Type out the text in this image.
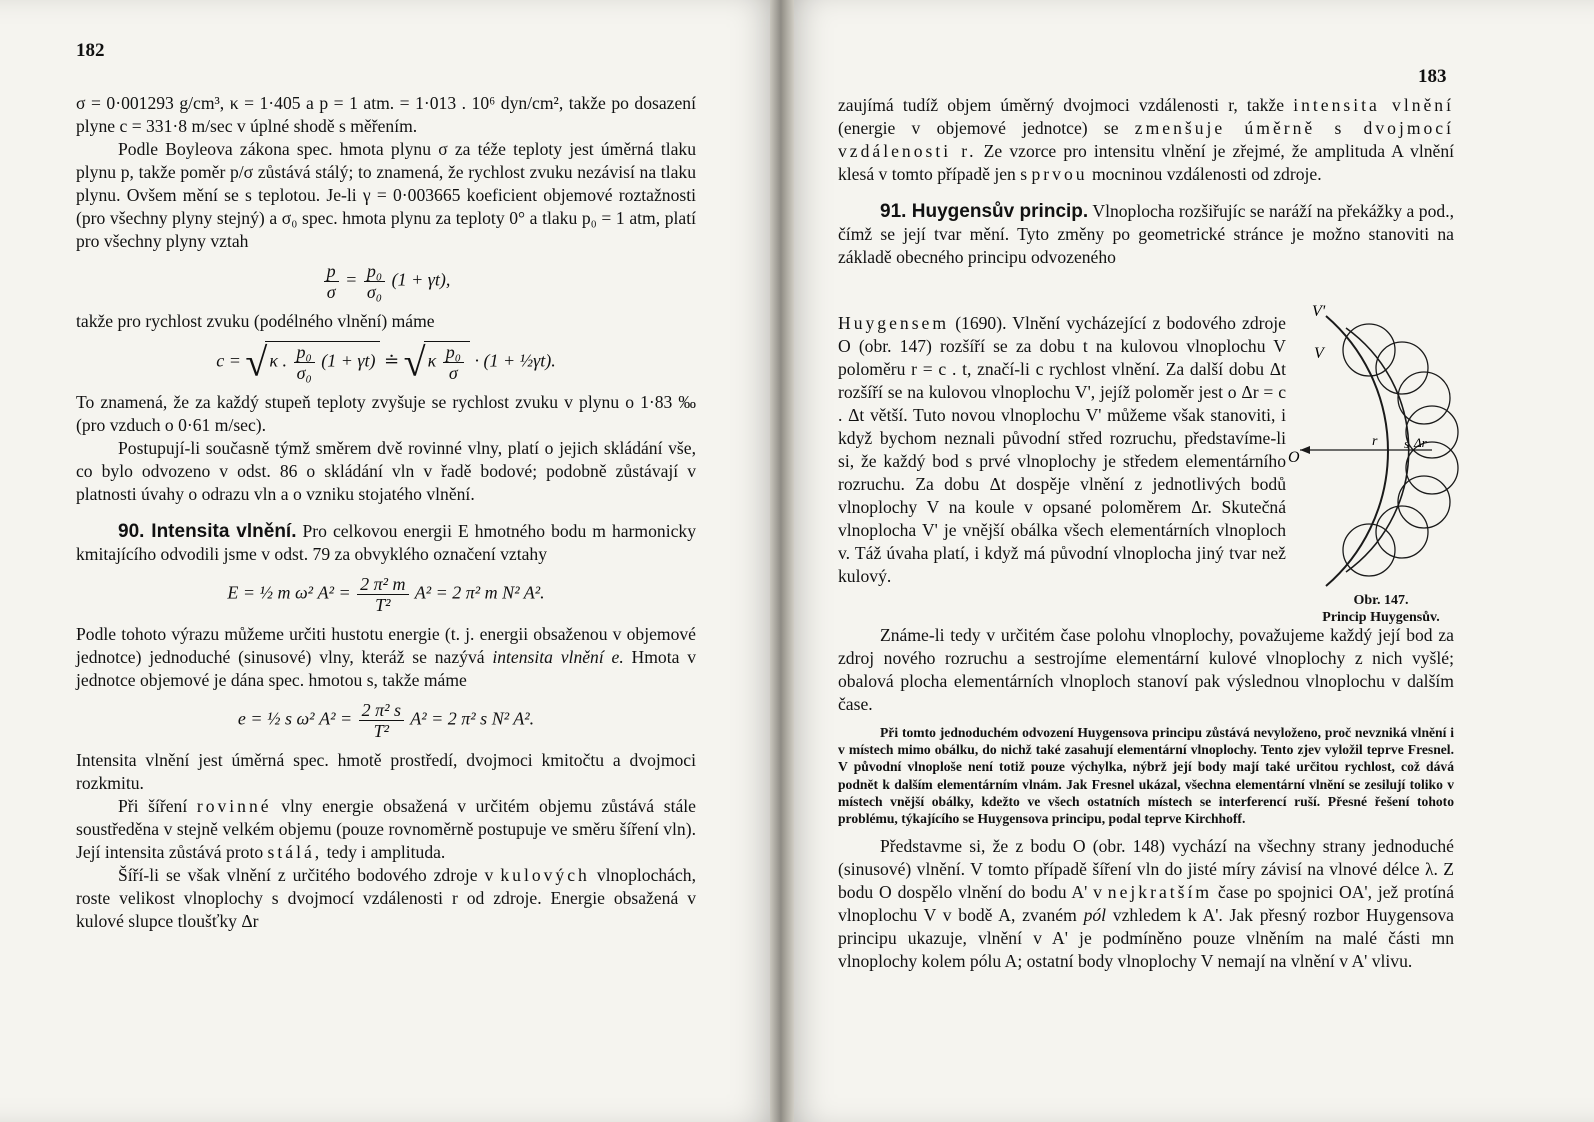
182

σ = 0·001293 g/cm³, κ = 1·405 a p = 1 atm. = 1·013 . 10⁶ dyn/cm², takže po dosazení plyne c = 331·8 m/sec v úplné shodě s měřením.

Podle Boyleova zákona spec. hmota plynu σ za téže teploty jest úměrná tlaku plynu p, takže poměr p/σ zůstává stálý; to znamená, že rychlost zvuku nezávisí na tlaku plynu. Ovšem mění se s teplotou. Je-li γ = 0·003665 koeficient objemové roztažnosti (pro všechny plyny stejný) a σ₀ spec. hmota plynu za teploty 0° a tlaku p₀ = 1 atm, platí pro všechny plyny vztah

$\frac{p}{\sigma} = \frac{\text{p₀}}{\text{σ₀}} (1 + \gamma t)$,

takže pro rychlost zvuku (podélného vlnění) máme

c = √ κ . $\frac{\text{p₀}}{\text{σ₀}} (1 + \gamma t)$ ≐ √ κ $\frac{\text{p₀}}{\sigma} \cdot (1$ + ½γt).

To znamená, že za každý stupeň teploty zvyšuje se rychlost zvuku v plynu o 1·83 ‰ (pro vzduch o 0·61 m/sec).

Postupují-li současně týmž směrem dvě rovinné vlny, platí o jejich skládání vše, co bylo odvozeno v odst. 86 o skládání vln v řadě bodové; podobně zůstávají v platnosti úvahy o odrazu vln a o vzniku stojatého vlnění.

90. Intensita vlnění. Pro celkovou energii E hmotného bodu m harmonicky kmitajícího odvodili jsme v odst. 79 za obvyklého označení vztahy

E = ½ m ω² $A^2 = \frac{\text{2 π² m}}{\text{T²}} A^2 = 2$ π² m N² A².

Podle tohoto výrazu můžeme určiti hustotu energie (t. j. energii obsaženou v objemové jednotce) jednoduché (sinusové) vlny, kteráž se nazývá intensita vlnění e. Hmota v jednotce objemové je dána spec. hmotou s, takže máme

e = ½ s ω² $A^2 = \frac{\text{2 π² s}}{\text{T²}} A^2 = 2$ π² s N² A².

Intensita vlnění jest úměrná spec. hmotě prostředí, dvojmoci kmitočtu a dvojmoci rozkmitu.

Při šíření rovinné vlny energie obsažená v určitém objemu zůstává stále soustředěna v stejně velkém objemu (pouze rovnoměrně postupuje ve směru šíření vln). Její intensita zůstává proto stálá, tedy i amplituda.

Šíří-li se však vlnění z určitého bodového zdroje v kulových vlnoplochách, roste velikost vlnoplochy s dvojmocí vzdálenosti r od zdroje. Energie obsažená v kulové slupce tloušťky Δr

183

zaujímá tudíž objem úměrný dvojmoci vzdálenosti r, takže intensita vlnění (energie v objemové jednotce) se zmenšuje úměrně s dvojmocí vzdálenosti r. Ze vzorce pro intensitu vlnění je zřejmé, že amplituda A vlnění klesá v tomto případě jen s prvou mocninou vzdálenosti od zdroje.

91. Huygensův princip. Vlnoplocha rozšiřujíc se naráží na překážky a pod., čímž se její tvar mění. Tyto změny po geometrické stránce je možno stanoviti na základě obecného principu odvozeného

Huygensem (1690). Vlnění vycházející z bodového zdroje O (obr. 147) rozšíří se za dobu t na kulovou vlnoplochu V poloměru r = c . t, značí-li c rychlost vlnění. Za další dobu Δt rozšíří se na kulovou vlnoplochu V', jejíž poloměr jest o Δr = c . Δt větší. Tuto novou vlnoplochu V' můžeme však stanoviti, i když bychom neznali původní střed rozruchu, představíme-li si, že každý bod s prvé vlnoplochy je středem elementárního rozruchu. Za dobu Δt dospěje vlnění z jednotlivých bodů vlnoplochy V na koule v opsané poloměrem Δr. Skutečná vlnoplocha V' je vnější obálka všech elementárních vlnoploch v. Táž úvaha platí, i když má původní vlnoplocha jiný tvar než kulový.

V'
V
O
r s Δr
Obr. 147.
Princip Huygensův.

Známe-li tedy v určitém čase polohu vlnoplochy, považujeme každý její bod za zdroj nového rozruchu a sestrojíme elementární kulové vlnoplochy z nich vyšlé; obalová plocha elementárních vlnoploch stanoví pak výslednou vlnoplochu v dalším čase.

Při tomto jednoduchém odvození Huygensova principu zůstává nevyloženo, proč nevzniká vlnění i v místech mimo obálku, do nichž také zasahují elementární vlnoplochy. Tento zjev vyložil teprve Fresnel. V původní vlnoploše není totiž pouze výchylka, nýbrž její body mají také určitou rychlost, což dává podnět k dalším elementárním vlnám. Jak Fresnel ukázal, všechna elementární vlnění se zesilují toliko v místech vnější obálky, kdežto ve všech ostatních místech se interferencí ruší. Přesné řešení tohoto problému, týkajícího se Huygensova principu, podal teprve Kirchhoff.

Představme si, že z bodu O (obr. 148) vychází na všechny strany jednoduché (sinusové) vlnění. V tomto případě šíření vln do jisté míry závisí na vlnové délce λ. Z bodu O dospělo vlnění do bodu A' v nejkratším čase po spojnici OA', jež protíná vlnoplochu V v bodě A, zvaném pól vzhledem k A'. Jak přesný rozbor Huygensova principu ukazuje, vlnění v A' je podmíněno pouze vlněním na malé části mn vlnoplochy kolem pólu A; ostatní body vlnoplochy V nemají na vlnění v A' vlivu.
